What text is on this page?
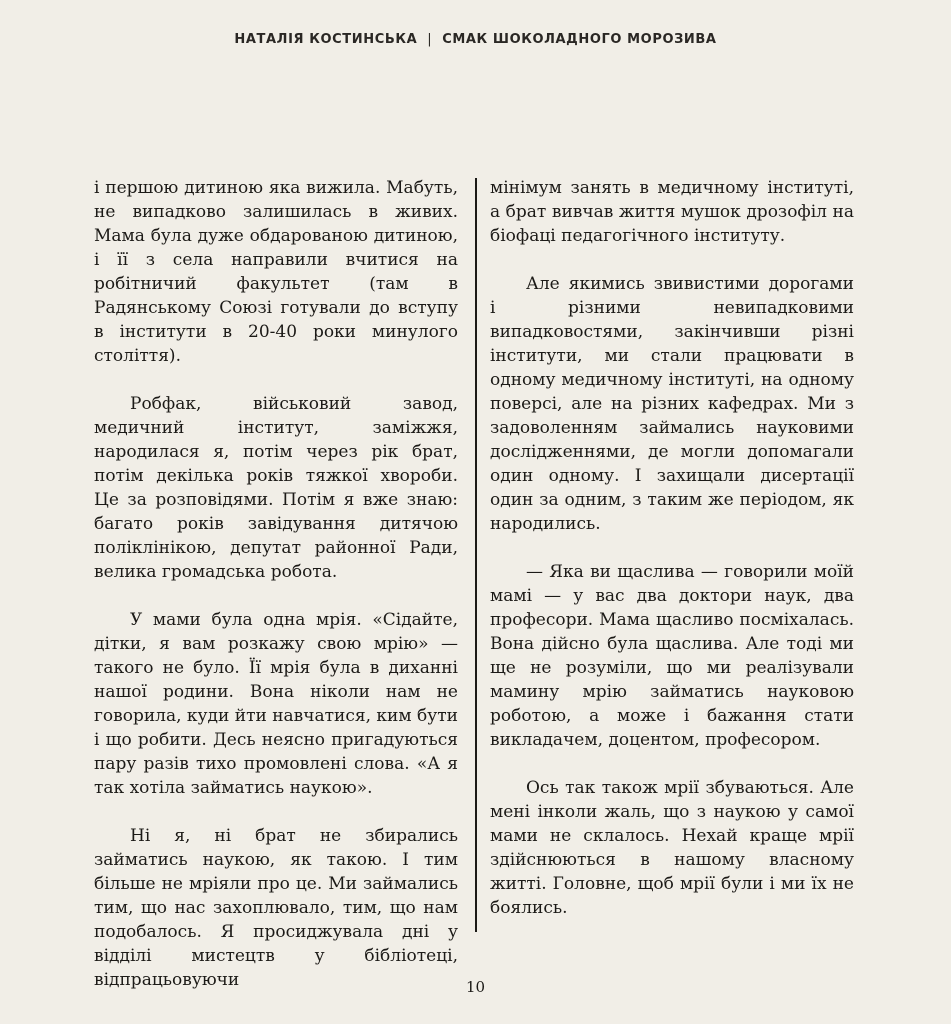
НАТАЛІЯ КОСТИНСЬКА | СМАК ШОКОЛАДНОГО МОРОЗИВА

і першою дитиною яка вижила. Мабуть, не випадково залишилась в живих. Мама була дуже обдарованою дитиною, і її з села направили вчитися на робітничий факультет (там в Радянському Союзі готували до вступу в інститути в 20-40 роки минулого століття).

Робфак, військовий завод, медичний інститут, заміжжя, народилася я, потім через рік брат, потім декілька років тяжкої хвороби. Це за розповідями. Потім я вже знаю: багато років завідування дитячою поліклінікою, депутат районної Ради, велика громадська робота.

У мами була одна мрія. «Сідайте, дітки, я вам розкажу свою мрію» — такого не було. Її мрія була в диханні нашої родини. Вона ніколи нам не говорила, куди йти навчатися, ким бути і що робити. Десь неясно пригадуються пару разів тихо промовлені слова. «А я так хотіла займатись наукою».

Ні я, ні брат не збирались займатись наукою, як такою. І тим більше не мріяли про це. Ми займались тим, що нас захоплювало, тим, що нам подобалось. Я просиджувала дні у відділі мистецтв у бібліотеці, відпрацьовуючи

мінімум занять в медичному інституті, а брат вивчав життя мушок дрозофіл на біофаці педагогічного інституту.

Але якимись звивистими дорогами і різними невипадковими випадковостями, закінчивши різні інститути, ми стали працювати в одному медичному інституті, на одному поверсі, але на різних кафедрах. Ми з задоволенням займались науковими дослідженнями, де могли допомагали один одному. І захищали дисертації один за одним, з таким же періодом, як народились.

— Яка ви щаслива — говорили моїй мамі — у вас два доктори наук, два професори. Мама щасливо посміхалась. Вона дійсно була щаслива. Але тоді ми ще не розуміли, що ми реалізували мамину мрію займатись науковою роботою, а може і бажання стати викладачем, доцентом, професором.

Ось так також мрії збуваються. Але мені інколи жаль, що з наукою у самої мами не склалось. Нехай краще мрії здійснюються в нашому власному житті. Головне, щоб мрії були і ми їх не боялись.

10
